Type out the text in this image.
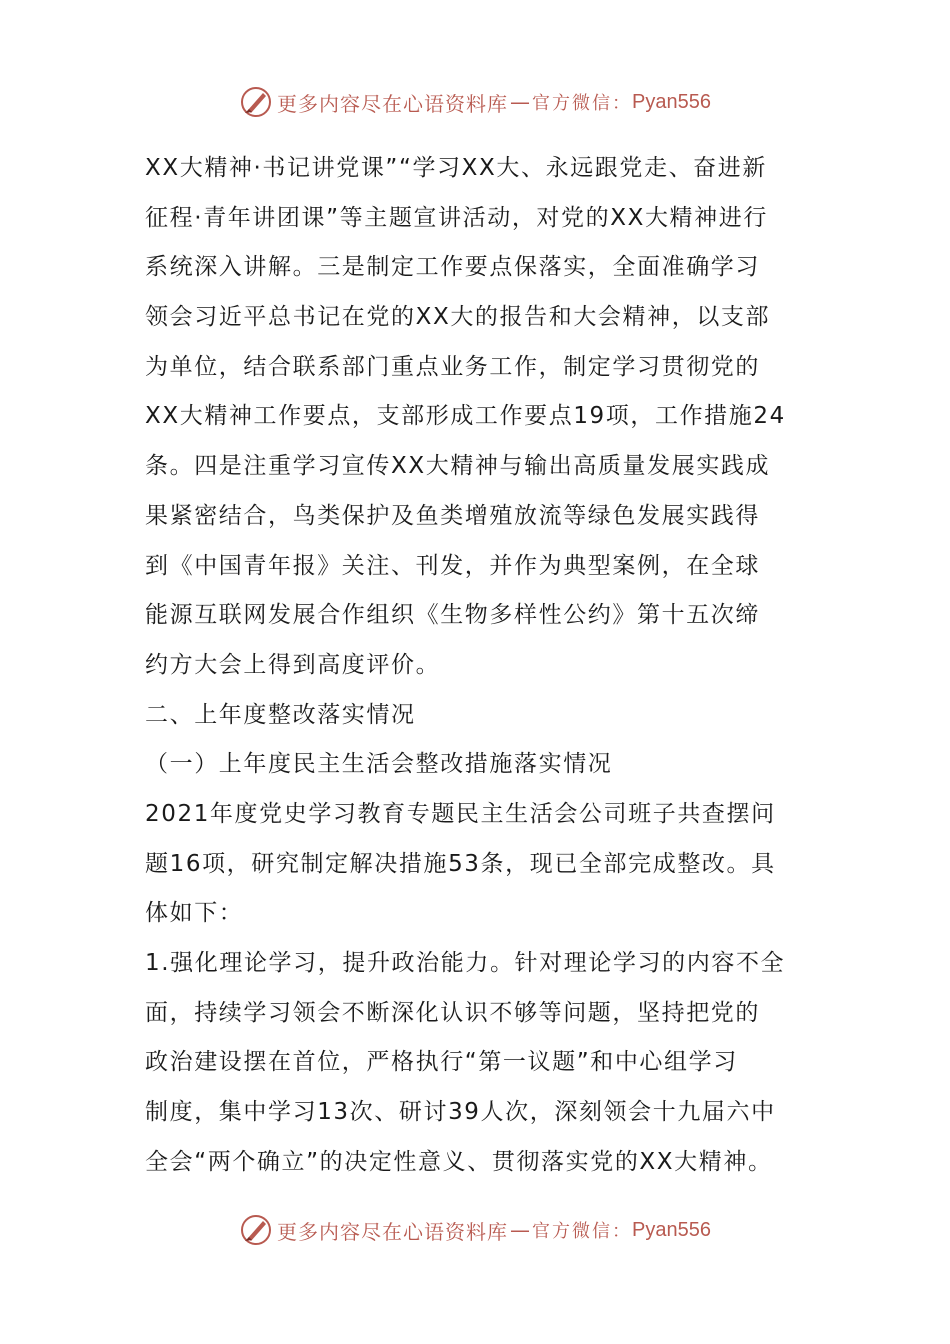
更多内容尽在心语资料库 — 官方微信： Pyan556
XX大精神·书记讲党课”“学习XX大、永远跟党走、奋进新
征程·青年讲团课”等主题宣讲活动，对党的XX大精神进行
系统深入讲解。三是制定工作要点保落实，全面准确学习
领会习近平总书记在党的XX大的报告和大会精神，以支部
为单位，结合联系部门重点业务工作，制定学习贯彻党的
XX大精神工作要点，支部形成工作要点19项，工作措施24
条。四是注重学习宣传XX大精神与输出高质量发展实践成
果紧密结合，鸟类保护及鱼类增殖放流等绿色发展实践得
到《中国青年报》关注、刊发，并作为典型案例，在全球
能源互联网发展合作组织《生物多样性公约》第十五次缔
约方大会上得到高度评价。
二、上年度整改落实情况
（一）上年度民主生活会整改措施落实情况
2021年度党史学习教育专题民主生活会公司班子共查摆问
题16项，研究制定解决措施53条，现已全部完成整改。具
体如下：
1.强化理论学习，提升政治能力。针对理论学习的内容不全
面，持续学习领会不断深化认识不够等问题，坚持把党的
政治建设摆在首位，严格执行“第一议题”和中心组学习
制度，集中学习13次、研讨39人次，深刻领会十九届六中
全会“两个确立”的决定性意义、贯彻落实党的XX大精神。
更多内容尽在心语资料库 — 官方微信： Pyan556
